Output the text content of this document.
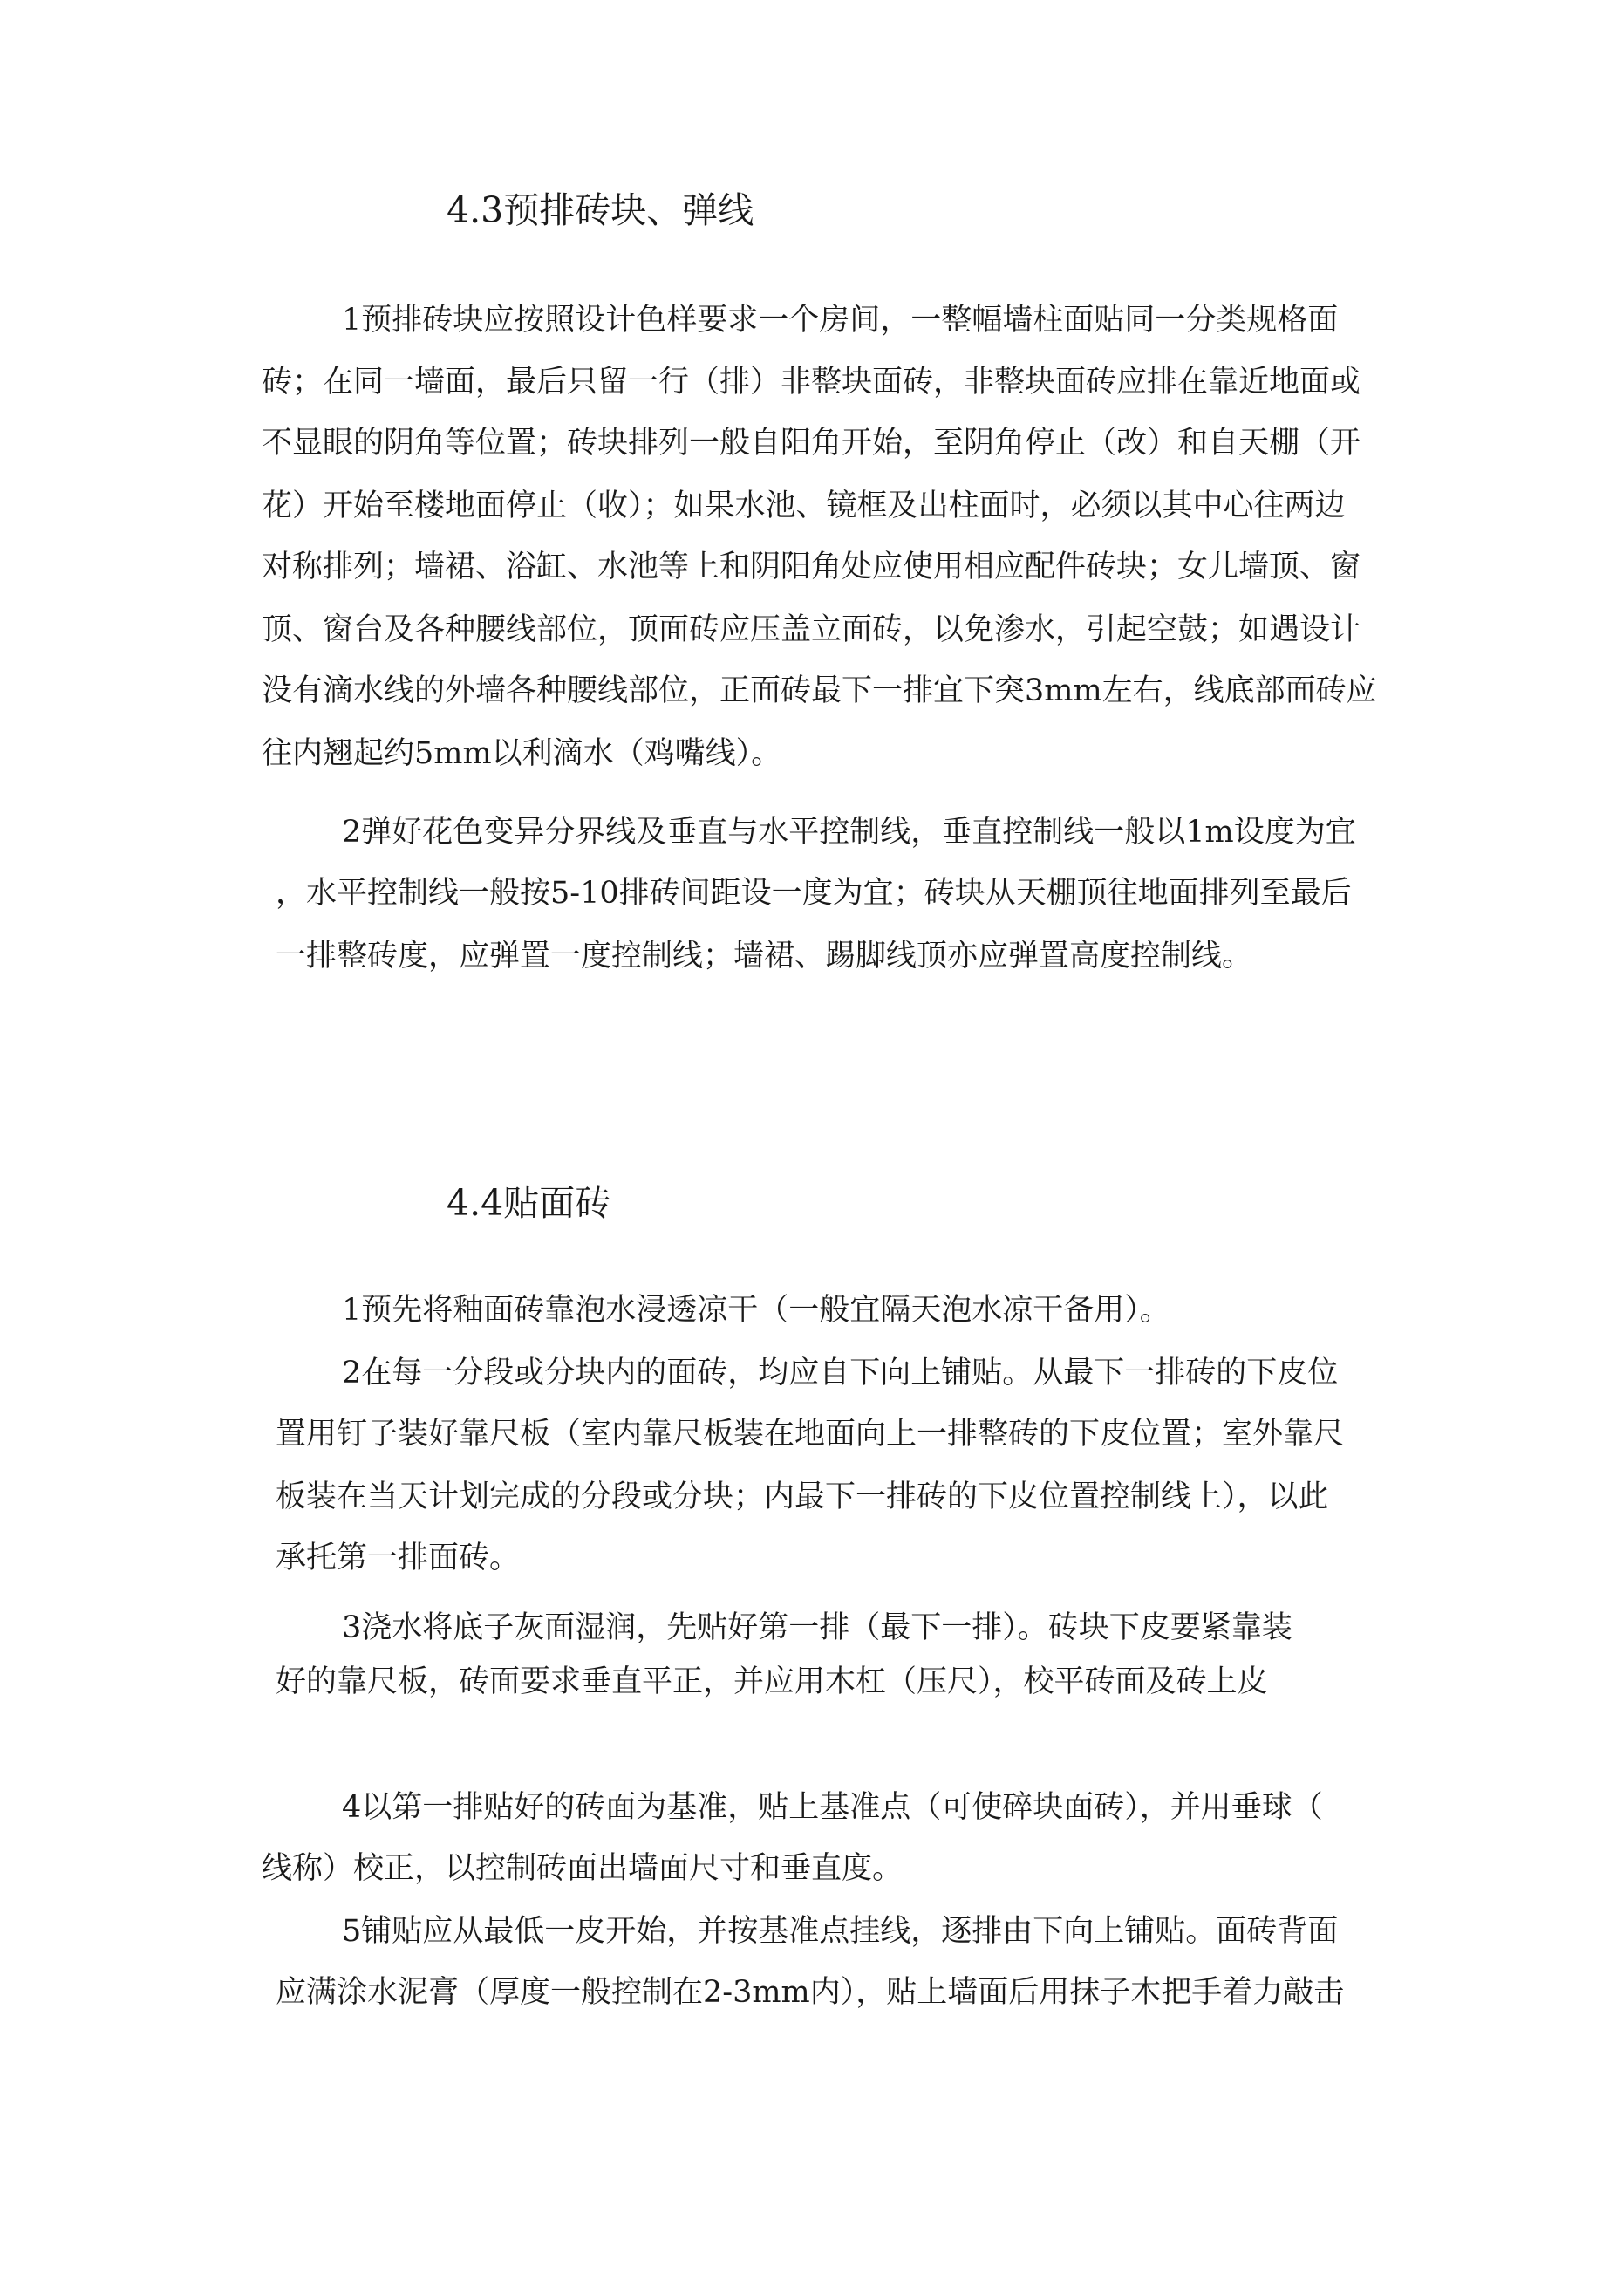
4.3预排砖块、弹线

1预排砖块应按照设计色样要求一个房间，一整幅墙柱面贴同一分类规格面

砖；在同一墙面，最后只留一行（排）非整块面砖，非整块面砖应排在靠近地面或

不显眼的阴角等位置；砖块排列一般自阳角开始，至阴角停止（改）和自天棚（开

花）开始至楼地面停止（收）；如果水池、镜框及出柱面时，必须以其中心往两边

对称排列；墙裙、浴缸、水池等上和阴阳角处应使用相应配件砖块；女儿墙顶、窗

顶、窗台及各种腰线部位，顶面砖应压盖立面砖，以免渗水，引起空鼓；如遇设计

没有滴水线的外墙各种腰线部位，正面砖最下一排宜下突3mm左右，线底部面砖应

往内翘起约5mm以利滴水（鸡嘴线）。

2弹好花色变异分界线及垂直与水平控制线，垂直控制线一般以1m设度为宜

，水平控制线一般按5-10排砖间距设一度为宜；砖块从天棚顶往地面排列至最后

一排整砖度，应弹置一度控制线；墙裙、踢脚线顶亦应弹置高度控制线。

4.4贴面砖

1预先将釉面砖靠泡水浸透凉干（一般宜隔天泡水凉干备用）。

2在每一分段或分块内的面砖，均应自下向上铺贴。从最下一排砖的下皮位

置用钉子装好靠尺板（室内靠尺板装在地面向上一排整砖的下皮位置；室外靠尺

板装在当天计划完成的分段或分块；内最下一排砖的下皮位置控制线上），以此

承托第一排面砖。

3浇水将底子灰面湿润，先贴好第一排（最下一排）。砖块下皮要紧靠装

好的靠尺板，砖面要求垂直平正，并应用木杠（压尺），校平砖面及砖上皮

4以第一排贴好的砖面为基准，贴上基准点（可使碎块面砖），并用垂球（

线称）校正，以控制砖面出墙面尺寸和垂直度。

5铺贴应从最低一皮开始，并按基准点挂线，逐排由下向上铺贴。面砖背面

应满涂水泥膏（厚度一般控制在2-3mm内），贴上墙面后用抹子木把手着力敲击
